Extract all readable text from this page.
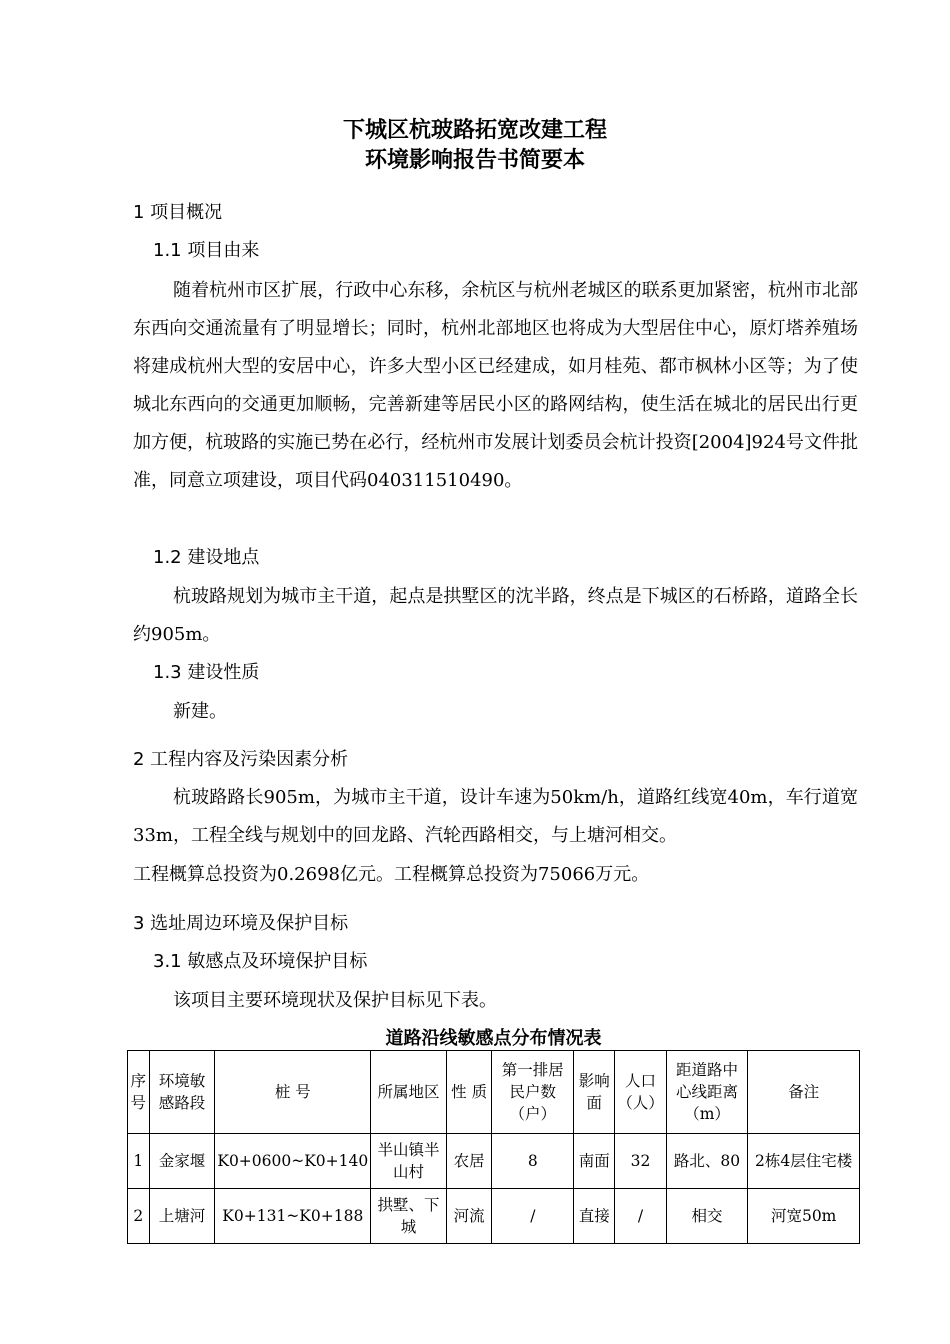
下城区杭玻路拓宽改建工程
环境影响报告书简要本
1 项目概况
1.1 项目由来

随着杭州市区扩展，行政中心东移，余杭区与杭州老城区的联系更加紧密，杭州市北部东西向交通流量有了明显增长；同时，杭州北部地区也将成为大型居住中心，原灯塔养殖场将建成杭州大型的安居中心，许多大型小区已经建成，如月桂苑、都市枫林小区等；为了使城北东西向的交通更加顺畅，完善新建等居民小区的路网结构，使生活在城北的居民出行更加方便，杭玻路的实施已势在必行，经杭州市发展计划委员会杭计投资[2004]924号文件批准，同意立项建设，项目代码040311510490。

1.2 建设地点

杭玻路规划为城市主干道，起点是拱墅区的沈半路，终点是下城区的石桥路，道路全长约905m。

1.3 建设性质

新建。

2 工程内容及污染因素分析

杭玻路路长905m，为城市主干道，设计车速为50km/h，道路红线宽40m，车行道宽33m，工程全线与规划中的回龙路、汽轮西路相交，与上塘河相交。

工程概算总投资为0.2698亿元。工程概算总投资为75066万元。
3 选址周边环境及保护目标
3.1 敏感点及环境保护目标

该项目主要环境现状及保护目标见下表。

道路沿线敏感点分布情况表
序号	环境敏感路段	桩 号	所属地区	性 质	第一排居民户数（户）	影响面	人口（人）	距道路中心线距离（m）	备注
1	金家堰	K0+0600~K0+140	半山镇半山村	农居	8	南面	32	路北、80	2栋4层住宅楼
2	上塘河	K0+131~K0+188	拱墅、下城	河流	/	直接	/	相交	河宽50m
